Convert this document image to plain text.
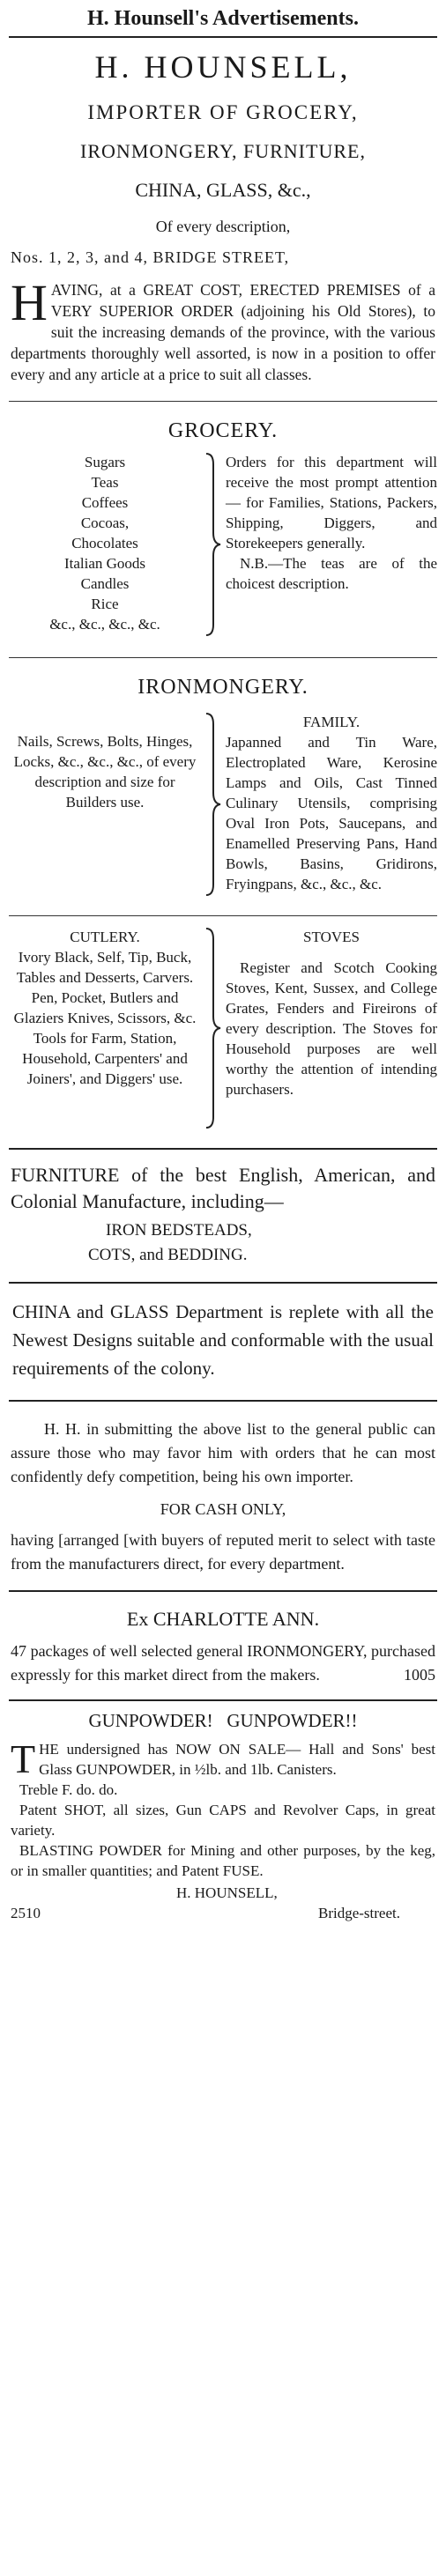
H. Hounsell's Advertisements.
H. HOUNSELL,
IMPORTER OF GROCERY,
IRONMONGERY, FURNITURE,
CHINA, GLASS, &c.,
Of every description,
Nos. 1, 2, 3, and 4, BRIDGE STREET,
H AVING, at a GREAT COST, ERECTED PREMISES of a VERY SUPERIOR ORDER (adjoining his Old Stores), to suit the increasing demands of the province, with the various departments thoroughly well assorted, is now in a position to offer every and any article at a price to suit all classes.
GROCERY.
Sugars
Teas
Coffees
Cocoas,
Chocolates
Italian Goods
Candles
Rice
&c., &c., &c., &c.
Orders for this department will receive the most prompt attention — for Families, Stations, Packers, Shipping, Diggers, and Storekeepers generally.
N.B.—The teas are of the choicest description.
IRONMONGERY.
Nails, Screws, Bolts, Hinges, Locks, &c., &c., &c., of every description and size for Builders use.
FAMILY.
Japanned and Tin Ware, Electroplated Ware, Kerosine Lamps and Oils, Cast Tinned Culinary Utensils, comprising Oval Iron Pots, Saucepans, and Enamelled Preserving Pans, Hand Bowls, Basins, Gridirons, Fryingpans, &c., &c., &c.
CUTLERY.
Ivory Black, Self, Tip, Buck, Tables and Desserts, Carvers. Pen, Pocket, Butlers and Glaziers Knives, Scissors, &c. Tools for Farm, Station, Household, Carpenters' and Joiners', and Diggers' use.
STOVES
Register and Scotch Cooking Stoves, Kent, Sussex, and College Grates, Fenders and Fireirons of every description. The Stoves for Household purposes are well worthy the attention of intending purchasers.
FURNITURE of the best English, American, and Colonial Manufacture, including—
IRON BEDSTEADS,
COTS, and BEDDING.
CHINA and GLASS Department is replete with all the Newest Designs suitable and conformable with the usual requirements of the colony.
H. H. in submitting the above list to the general public can assure those who may favor him with orders that he can most confidently defy competition, being his own importer.
FOR CASH ONLY,
having [arranged [with buyers of reputed merit to select with taste from the manufacturers direct, for every department.
Ex CHARLOTTE ANN.
47 packages of well selected general IRONMONGERY, purchased expressly for this market direct from the makers.	1005
GUNPOWDER!   GUNPOWDER!!
T HE undersigned has NOW ON SALE— Hall and Sons' best Glass GUNPOWDER, in ½lb. and 1lb. Canisters.
Treble F. do. do.
Patent SHOT, all sizes, Gun CAPS and Revolver Caps, in great variety.
BLASTING POWDER for Mining and other purposes, by the keg, or in smaller quantities; and Patent FUSE.
H. HOUNSELL,
2510	Bridge-street.
